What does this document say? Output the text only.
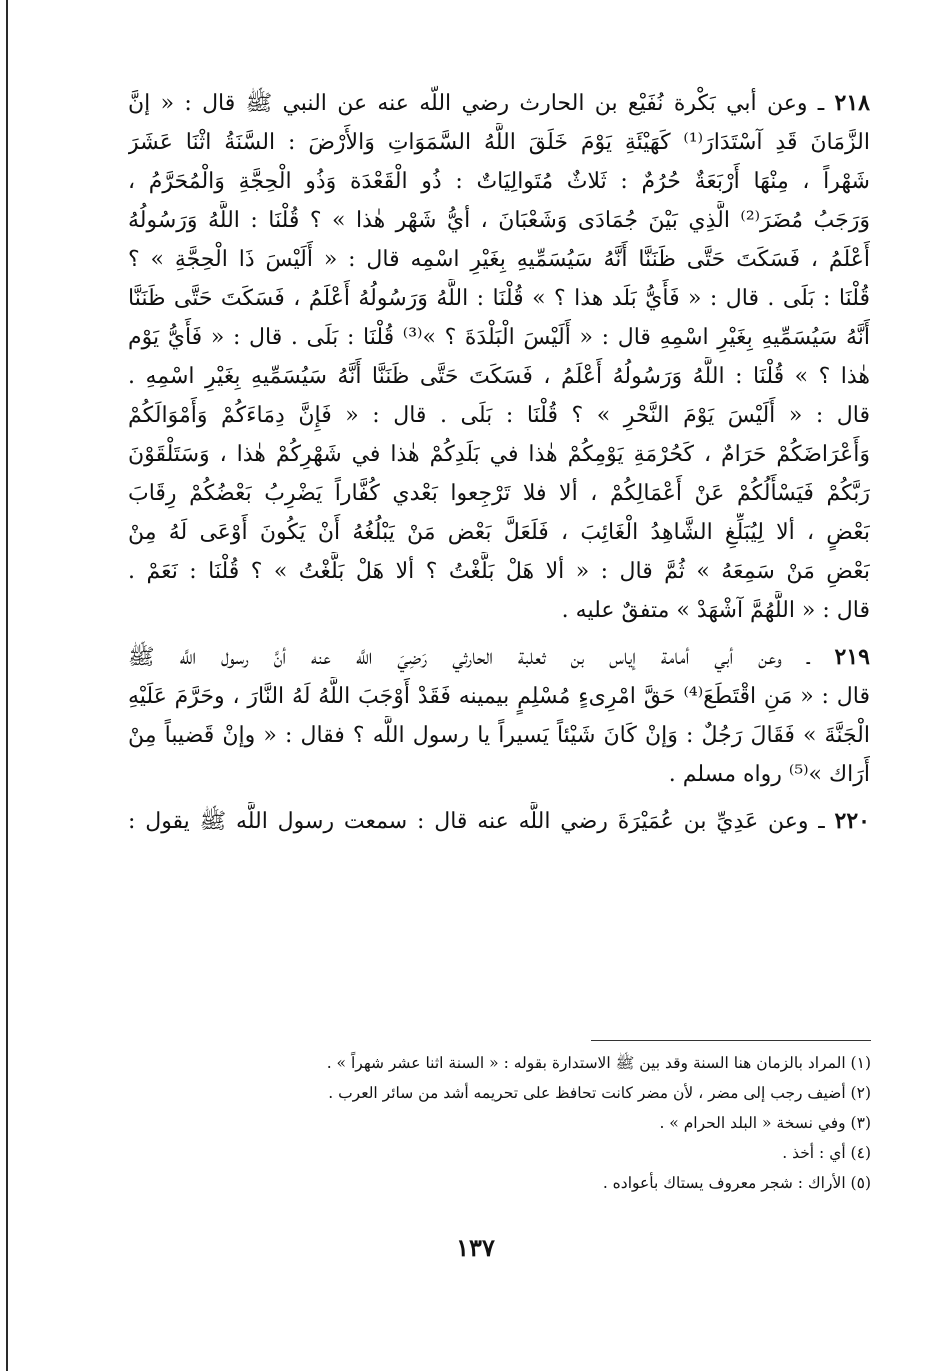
٢١٨ ـ وعن أبي بَكْرة نُفَيْع بن الحارث رضي اللّه عنه عن النبي ﷺ قال : « إنَّ
الزَّمَانَ قَدِ آسْتَدَارَ⁽¹⁾ كَهَيْئَةِ يَوْمَ خَلَقَ اللَّهُ السَّمَوَاتِ وَالأَرْضَ : السَّنَةُ اثْنَا عَشَرَ
شَهْراً ، مِنْهَا أَرْبَعَةٌ حُرُمٌ : ثَلاثٌ مُتَوالِيَاتٌ : ذُو الْقَعْدَة وَذُو الْحِجَّةِ وَالْمُحَرَّمُ ،
وَرَجَبُ مُضَرَ⁽²⁾ الَّذِي بَيْنَ جُمَادَى وَشَعْبَانَ ، أيُّ شَهْر هٰذا » ؟ قُلْنَا : اللَّهُ وَرَسُولُهُ
أَعْلَمُ ، فَسَكَتَ حَتَّى ظَنَنَّا أَنَّهُ سَيُسَمِّيهِ بِغَيْرِ اسْمِه قال : « أَلَيْسَ ذَا الْحِجَّةِ » ؟
قُلْنَا : بَلَى . قال : « فَأَيُّ بَلَد هذا ؟ » قُلْنَا : اللَّهُ وَرَسُولُهُ أَعْلَمُ ، فَسَكَتَ حَتَّى ظَنَنَّا
أَنَّهُ سَيُسَمِّيهِ بِغَيْرِ اسْمِهِ قال : « أَلَيْسَ الْبَلْدَةَ ؟ »⁽³⁾ قُلْنَا : بَلَى . قال : « فَأَيُّ يَوْم
هٰذا ؟ » قُلْنَا : اللَّهُ وَرَسُولُهُ أَعْلَمُ ، فَسَكَتَ حَتَّى ظَنَنَّا أَنَّهُ سَيُسَمِّيهِ بِغَيْرِ اسْمِهِ .
قال : « أَلَيْسَ يَوْمَ النَّحْرِ » ؟ قُلْنَا : بَلَى . قال : « فَإِنَّ دِمَاءَكُمْ وَأَمْوَالَكُمْ
وَأَعْرَاضَكُمْ حَرَامٌ ، كَحُرْمَةِ يَوْمِكُمْ هٰذا في بَلَدِكُمْ هٰذا في شَهْرِكُمْ هٰذا ، وَسَتَلْقَوْنَ
رَبَّكُمْ فَيَسْأَلُكُمْ عَنْ أَعْمَالِكُمْ ، ألا فلا تَرْجِعوا بَعْدي كُفَّاراً يَضْرِبُ بَعْضُكُمْ رِقَابَ
بَعْضٍ ، ألا لِيُبَلِّغِ الشَّاهِدُ الْغَائِبَ ، فَلَعَلَّ بَعْض مَنْ يَبْلُغُهُ أَنْ يَكُونَ أَوْعَى لَهُ مِنْ
بَعْضِ مَنْ سَمِعَهُ » ثُمَّ قال : « ألا هَلْ بَلَّغْتُ ؟ ألا هَلْ بَلَّغْتُ » ؟ قُلْنَا : نَعَمْ .
قال : « اللَّهُمَّ آشْهَدْ » متفقٌ عليه .
٢١٩ ـ وعن أبي أمامة إياس بن ثعلبة الحارثي رَضِيَ اللَّه عنه أنَّ رسول اللَّه ﷺ
قال : « مَنِ اقْتَطَعَ⁽⁴⁾ حَقَّ امْرِىءٍ مُسْلِمٍ بيمينه فَقَدْ أَوْجَبَ اللَّهُ لَهُ النَّارَ ، وحَرَّمَ عَلَيْهِ
الْجَنَّةَ » فَقَالَ رَجُلٌ : وَإنْ كَانَ شَيْئاً يَسيراً يا رسول اللَّه ؟ فقال : « وإنْ قَضيباً مِنْ
أَرَاك »⁽⁵⁾ رواه مسلم .
٢٢٠ ـ وعن عَدِيِّ بن عُمَيْرَةَ رضي اللَّه عنه قال : سمعت رسول اللَّه ﷺ يقول :
(١) المراد بالزمان هنا السنة وقد بين ﷺ الاستدارة بقوله : « السنة اثنا عشر شهراً » .
(٢) أضيف رجب إلى مضر ، لأن مضر كانت تحافظ على تحريمه أشد من سائر العرب .
(٣) وفي نسخة « البلد الحرام » .
(٤) أي : أخذ .
(٥) الأراك : شجر معروف يستاك بأعواده .
١٣٧
